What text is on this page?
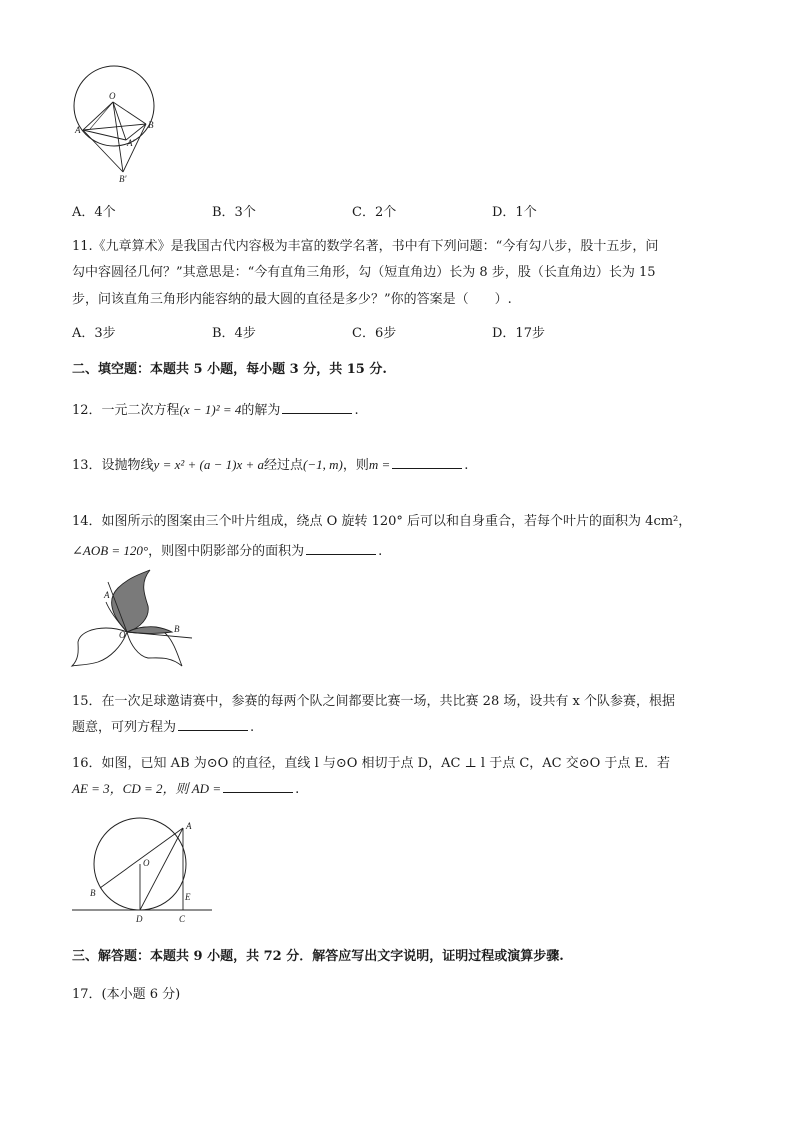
O
A	B
A'
B'
A．4个	B．3个	C．2个	D．1个
11.《九章算术》是我国古代内容极为丰富的数学名著，书中有下列问题：“今有勾八步，股十五步，问
勾中容圆径几何？”其意思是：“今有直角三角形，勾（短直角边）长为 8 步，股（长直角边）长为 15
步，问该直角三角形内能容纳的最大圆的直径是多少？”你的答案是（　　）.
A．3步	B．4步	C．6步	D．17步
二、填空题：本题共 5 小题，每小题 3 分，共 15 分.
12．一元二次方程(x − 1)² = 4的解为	.
13．设抛物线y = x² + (a − 1)x + a经过点(−1, m)，则m =	.
14．如图所示的图案由三个叶片组成，绕点 O 旋转 120° 后可以和自身重合，若每个叶片的面积为 4cm²，
∠AOB = 120°，则图中阴影部分的面积为	.
A
O
B
15．在一次足球邀请赛中，参赛的每两个队之间都要比赛一场，共比赛 28 场，设共有 x 个队参赛，根据
题意，可列方程为	.
16．如图，已知 AB 为⊙O 的直径，直线 l 与⊙O 相切于点 D，AC ⊥ l 于点 C，AC 交⊙O 于点 E．若
AE = 3，CD = 2，则 AD =	.
A
O
B	E
D	C
三、解答题：本题共 9 小题，共 72 分．解答应写出文字说明，证明过程或演算步骤.
17．(本小题 6 分)
